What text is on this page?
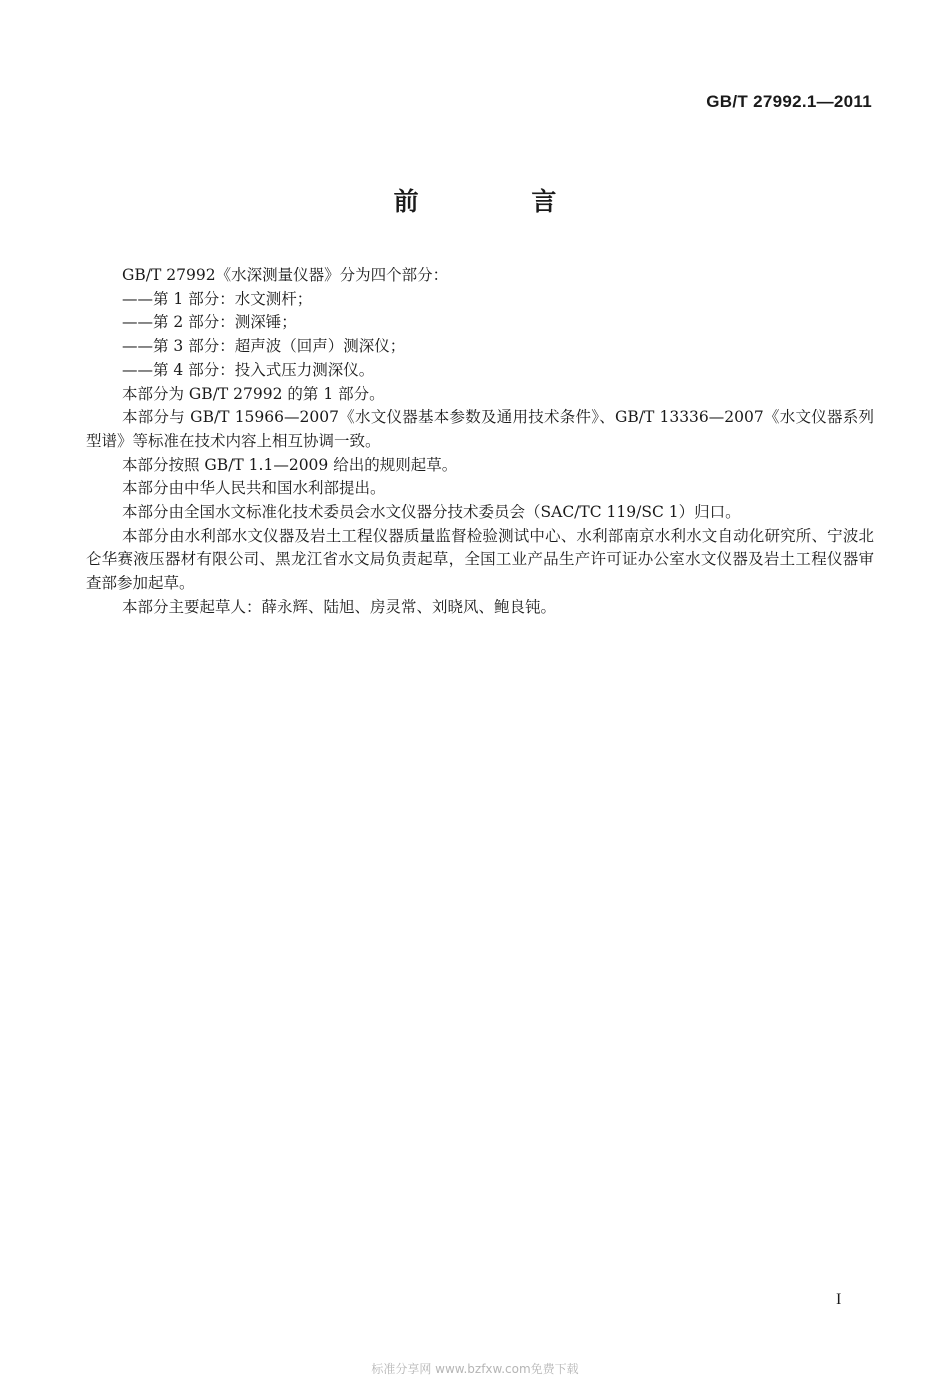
GB/T 27992.1—2011
前 言

GB/T 27992《水深测量仪器》分为四个部分：

——第 1 部分：水文测杆；

——第 2 部分：测深锤；

——第 3 部分：超声波（回声）测深仪；

——第 4 部分：投入式压力测深仪。

本部分为 GB/T 27992 的第 1 部分。

本部分与 GB/T 15966—2007《水文仪器基本参数及通用技术条件》、GB/T 13336—2007《水文仪器系列型谱》等标准在技术内容上相互协调一致。

本部分按照 GB/T 1.1—2009 给出的规则起草。

本部分由中华人民共和国水利部提出。

本部分由全国水文标准化技术委员会水文仪器分技术委员会（SAC/TC 119/SC 1）归口。

本部分由水利部水文仪器及岩土工程仪器质量监督检验测试中心、水利部南京水利水文自动化研究所、宁波北仑华赛液压器材有限公司、黑龙江省水文局负责起草，全国工业产品生产许可证办公室水文仪器及岩土工程仪器审查部参加起草。

本部分主要起草人：薛永辉、陆旭、房灵常、刘晓风、鲍良钝。

I
标准分享网 www.bzfxw.com免费下载
